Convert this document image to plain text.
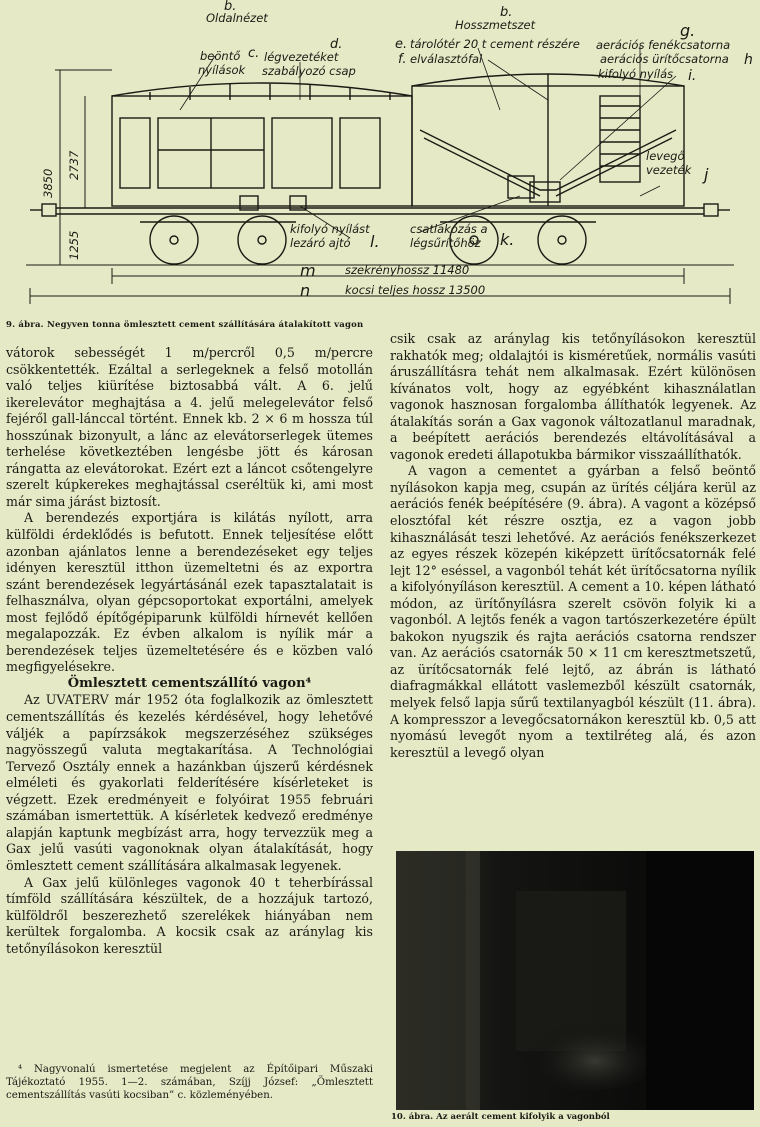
Oldalnézet
b.
Hosszmetszet
b.
c.
beöntő
nyílások
d.
légvezetéket
szabályozó csap
e. tárolótér 20 t cement részére
f. elválasztófal
g.
aerációs fenékcsatorna
aerációs ürítőcsatorna h
kifolyó nyílás i.
levegő
vezeték j
kifolyó nyílást
lezáró ajtó l.
csatlakozás a
légsűrítőhöz k.
m	szekrényhossz 11480
n	kocsi teljes hossz 13500
3850
2737
1255
9. ábra. Negyven tonna ömlesztett cement szállítására átalakított vagon

vátorok sebességét 1 m/percről 0,5 m/percre csökkentették. Ezáltal a serlegeknek a felső motollán való teljes kiürítése biztosabbá vált. A 6. jelű ikerelevátor meghajtása a 4. jelű melegelevátor felső fejéről gall-lánccal történt. Ennek kb. 2 × 6 m hossza túl hosszúnak bizonyult, a lánc az elevátorserlegek ütemes terhelése következtében lengésbe jött és károsan rángatta az elevátorokat. Ezért ezt a láncot csőtengelyre szerelt kúpkerekes meghajtással cseréltük ki, ami most már sima járást biztosít.

A berendezés exportjára is kilátás nyílott, arra külföldi érdeklődés is befutott. Ennek teljesítése előtt azonban ajánlatos lenne a berendezéseket egy teljes idényen keresztül itthon üzemeltetni és az exportra szánt berendezések legyártásánál ezek tapasztalatait is felhasználva, olyan gépcsoportokat exportálni, amelyek most fejlődő építőgépiparunk külföldi hírnevét kellően megalapozzák. Ez évben alkalom is nyílik már a berendezések teljes üzemeltetésére és e közben való megfigyelésekre.

Ömlesztett cementszállító vagon⁴

Az UVATERV már 1952 óta foglalkozik az ömlesztett cementszállítás és kezelés kérdésével, hogy lehetővé váljék a papírzsákok megszerzéséhez szükséges nagyösszegű valuta megtakarítása. A Technológiai Tervező Osztály ennek a hazánkban újszerű kérdésnek elméleti és gyakorlati felderítésére kísérleteket is végzett. Ezek eredményeit e folyóirat 1955 februári számában ismertettük. A kísérletek kedvező eredménye alapján kaptunk megbízást arra, hogy tervezzük meg a Gax jelű vasúti vagonoknak olyan átalakítását, hogy ömlesztett cement szállítására alkalmasak legyenek.

A Gax jelű különleges vagonok 40 t teherbírással tímföld szállítására készültek, de a hozzájuk tartozó, külföldről beszerezhető szerelékek hiányában nem kerültek forgalomba. A kocsik csak az aránylag kis tetőnyílásokon keresztül

⁴ Nagyvonalú ismertetése megjelent az Építőipari Műszaki Tájékoztató 1955. 1—2. számában, Szíjj József: „Ömlesztett cementszállítás vasúti kocsiban” c. közleményében.

csik csak az aránylag kis tetőnyílásokon keresztül rakhatók meg; oldalajtói is kisméretűek, normális vasúti áruszállításra tehát nem alkalmasak. Ezért különösen kívánatos volt, hogy az egyébként kihasználatlan vagonok hasznosan forgalomba állíthatók legyenek. Az átalakítás során a Gax vagonok változatlanul maradnak, a beépített aerációs berendezés eltávolításával a vagonok eredeti állapotukba bármikor visszaállíthatók.

A vagon a cementet a gyárban a felső beöntő nyílásokon kapja meg, csupán az ürítés céljára kerül az aerációs fenék beépítésére (9. ábra). A vagont a középső elosztófal két részre osztja, ez a vagon jobb kihasználását teszi lehetővé. Az aerációs fenékszerkezet az egyes részek közepén kiképzett ürítőcsatornák felé lejt 12° eséssel, a vagonból tehát két ürítőcsatorna nyílik a kifolyónyíláson keresztül. A cement a 10. képen látható módon, az ürítőnyílásra szerelt csövön folyik ki a vagonból. A lejtős fenék a vagon tartószerkezetére épült bakokon nyugszik és rajta aerációs csatorna rendszer van. Az aerációs csatornák 50 × 11 cm keresztmetszetű, az ürítőcsatornák felé lejtő, az ábrán is látható diafragmákkal ellátott vaslemezből készült csatornák, melyek felső lapja sűrű textilanyagból készült (11. ábra). A kompresszor a levegőcsatornákon keresztül kb. 0,5 att nyomású levegőt nyom a textilréteg alá, és azon keresztül a levegő olyan

10. ábra. Az aerált cement kifolyik a vagonból
